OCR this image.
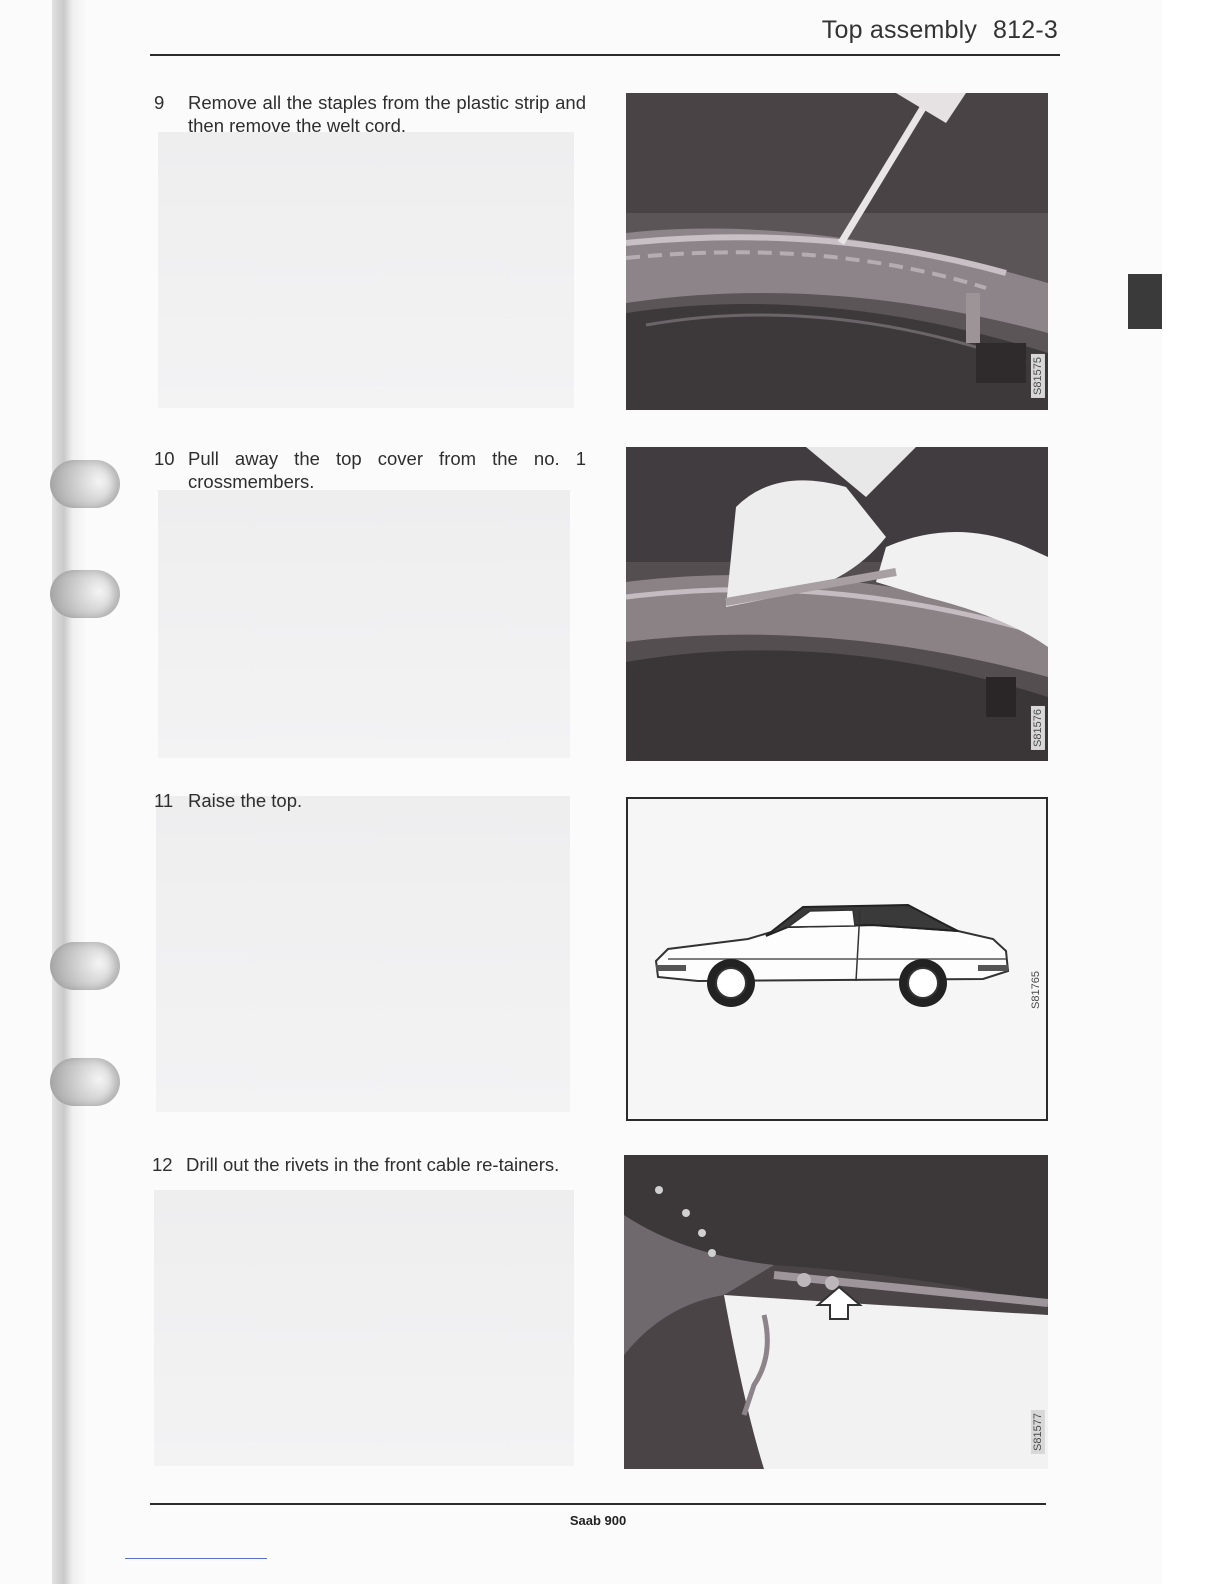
Top assembly 812-3
9	Remove all the staples from the plastic strip and then remove the welt cord.
S81575
10 Pull away the top cover from the no. 1 crossmembers.
S81576
11 Raise the top.
S81765
12 Drill out the rivets in the front cable re-tainers.
S81577
Saab 900
